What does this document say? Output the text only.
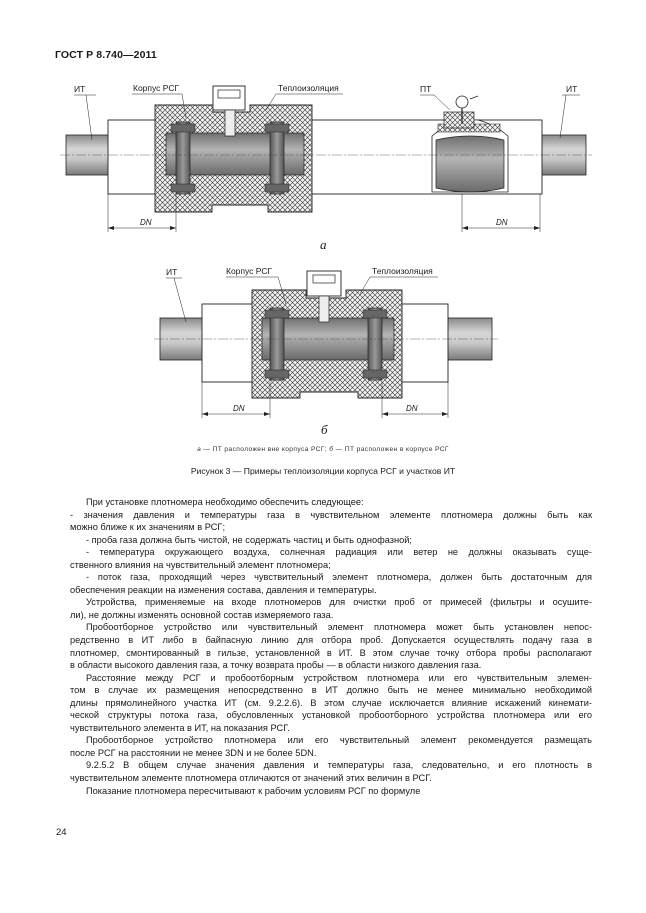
ГОСТ Р 8.740—2011
ИТ	Корпус РСГ	Теплоизоляция	ПТ	ИТ
DN	DN
а
ИТ	Корпус РСГ	Теплоизоляция
DN	DN
б
а — ПТ расположен вне корпуса РСГ; б — ПТ расположен в корпусе РСГ
Рисунок 3 — Примеры теплоизоляции корпуса РСГ и участков ИТ
При установке плотномера необходимо обеспечить следующее:
- значения давления и температуры газа в чувствительном элементе плотномера должны быть как
можно ближе к их значениям в РСГ;
- проба газа должна быть чистой, не содержать частиц и быть однофазной;
- температура окружающего воздуха, солнечная радиация или ветер не должны оказывать суще-
ственного влияния на чувствительный элемент плотномера;
- поток газа, проходящий через чувствительный элемент плотномера, должен быть достаточным для
обеспечения реакции на изменения состава, давления и температуры.
Устройства, применяемые на входе плотномеров для очистки проб от примесей (фильтры и осушите-
ли), не должны изменять основной состав измеряемого газа.
Пробоотборное устройство или чувствительный элемент плотномера может быть установлен непос-
редственно в ИТ либо в байпасную линию для отбора проб. Допускается осуществлять подачу газа в
плотномер, смонтированный в гильзе, установленной в ИТ. В этом случае точку отбора пробы располагают
в области высокого давления газа, а точку возврата пробы — в области низкого давления газа.
Расстояние между РСГ и пробоотборным устройством плотномера или его чувствительным элемен-
том в случае их размещения непосредственно в ИТ должно быть не менее минимально необходимой
длины прямолинейного участка ИТ (см. 9.2.2.6). В этом случае исключается влияние искажений кинемати-
ческой структуры потока газа, обусловленных установкой пробоотборного устройства плотномера или его
чувствительного элемента в ИТ, на показания РСГ.
Пробоотборное устройство плотномера или его чувствительный элемент рекомендуется размещать
после РСГ на расстоянии не менее 3DN и не более 5DN.
9.2.5.2 В общем случае значения давления и температуры газа, следовательно, и его плотность в
чувствительном элементе плотномера отличаются от значений этих величин в РСГ.
Показание плотномера пересчитывают к рабочим условиям РСГ по формуле
24
